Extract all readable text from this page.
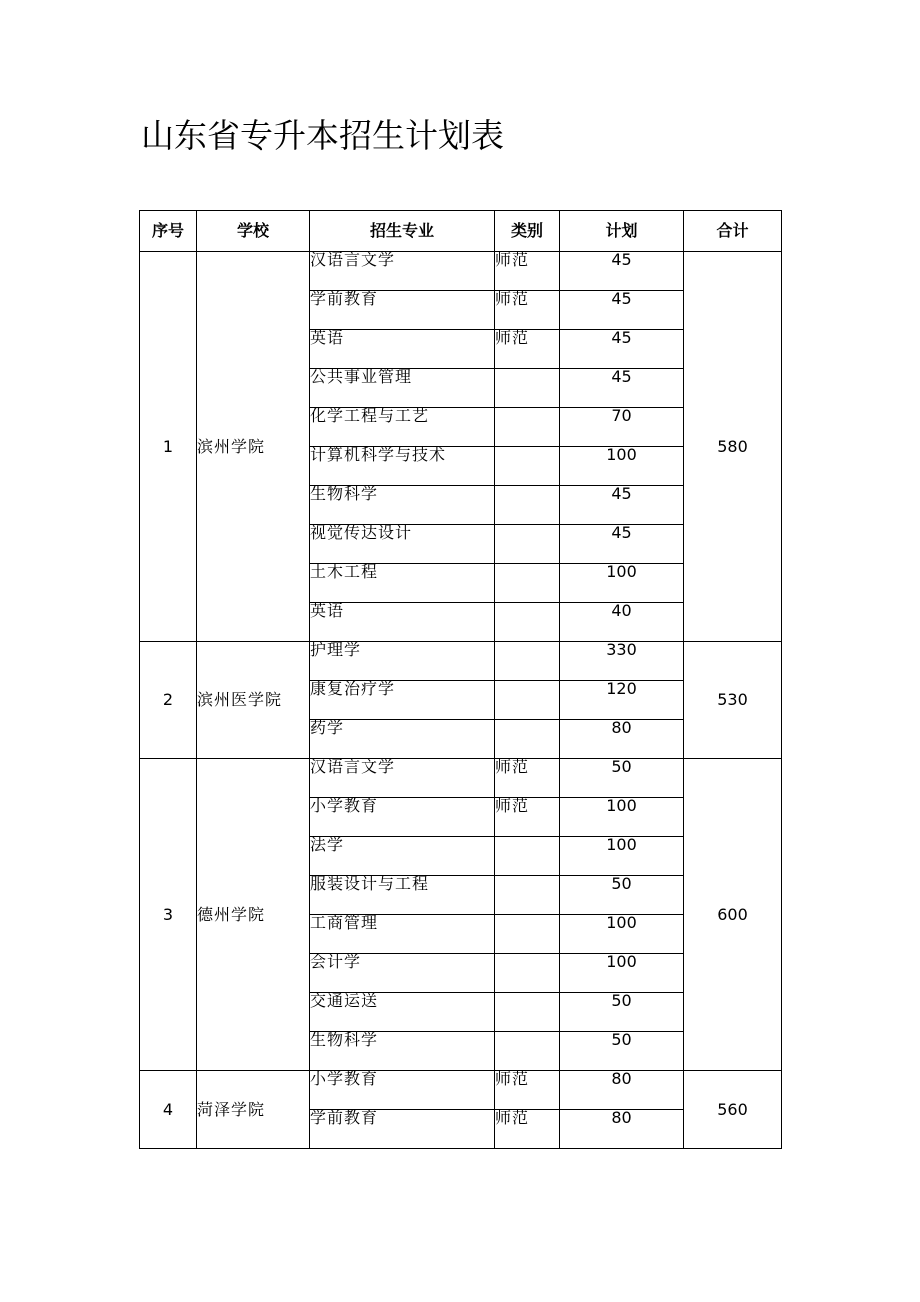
山东省专升本招生计划表
序号	学校	招生专业	类别	计划	合计
1	滨州学院	汉语言文学	师范	45	580
		学前教育	师范	45	
		英语	师范	45	
		公共事业管理		45	
		化学工程与工艺		70	
		计算机科学与技术		100	
		生物科学		45	
		视觉传达设计		45	
		土木工程		100	
		英语		40	
2	滨州医学院	护理学		330	530
		康复治疗学		120	
		药学		80	
3	德州学院	汉语言文学	师范	50	600
		小学教育	师范	100	
		法学		100	
		服装设计与工程		50	
		工商管理		100	
		会计学		100	
		交通运送		50	
		生物科学		50	
4	菏泽学院	小学教育	师范	80	560
		学前教育	师范	80	
